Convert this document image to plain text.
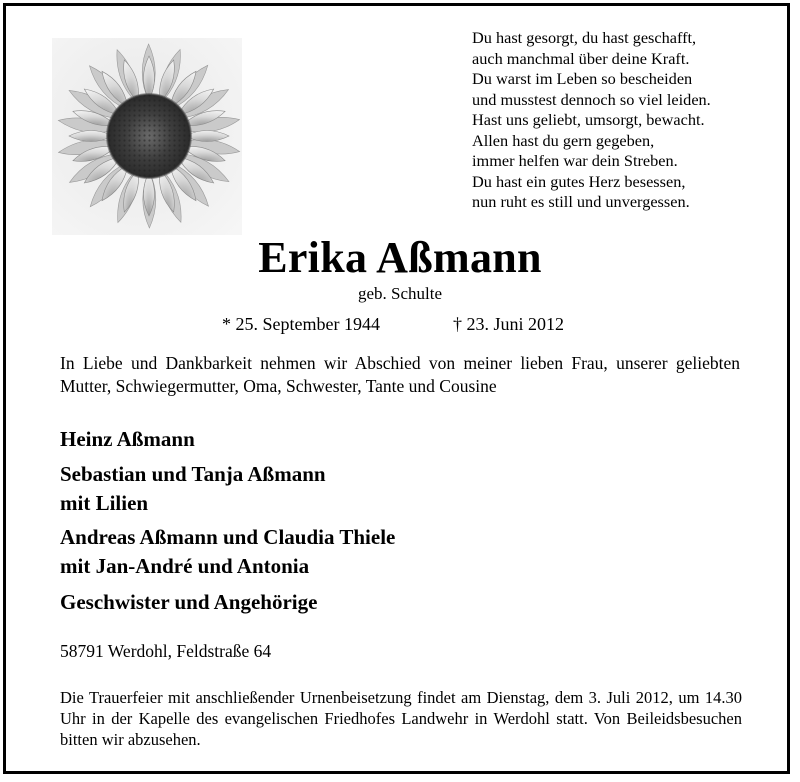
Du hast gesorgt, du hast geschafft,
auch manchmal über deine Kraft.
Du warst im Leben so bescheiden
und musstest dennoch so viel leiden.
Hast uns geliebt, umsorgt, bewacht.
Allen hast du gern gegeben,
immer helfen war dein Streben.
Du hast ein gutes Herz besessen,
nun ruht es still und unvergessen.
Erika Aßmann
geb. Schulte
* 25. September 1944	† 23. Juni 2012
In Liebe und Dankbarkeit nehmen wir Abschied von meiner lieben Frau, unserer geliebten Mutter, Schwiegermutter, Oma, Schwester, Tante und Cousine
Heinz Aßmann
Sebastian und Tanja Aßmann
mit Lilien
Andreas Aßmann und Claudia Thiele
mit Jan-André und Antonia
Geschwister und Angehörige
58791 Werdohl, Feldstraße 64
Die Trauerfeier mit anschließender Urnenbeisetzung findet am Dienstag, dem 3. Juli 2012, um 14.30 Uhr in der Kapelle des evangelischen Friedhofes Landwehr in Werdohl statt. Von Beileidsbesuchen bitten wir abzusehen.
